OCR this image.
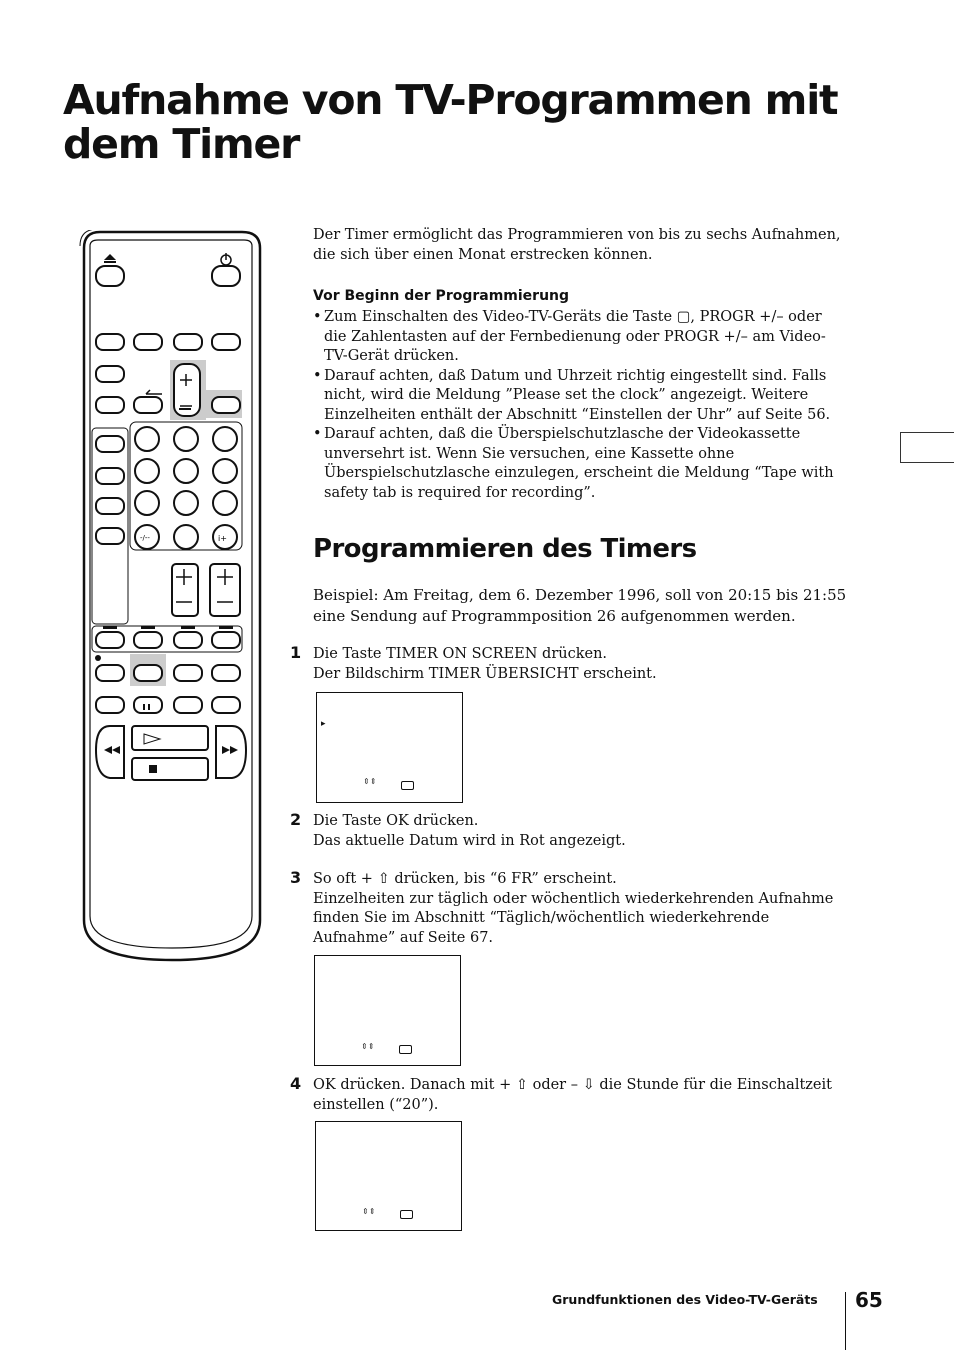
Aufnahme von TV-Programmen mit dem Timer
-/--	i+
Der Timer ermöglicht das Programmieren von bis zu sechs Aufnahmen, die sich über einen Monat erstrecken können.
Vor Beginn der Programmierung
• Zum Einschalten des Video-TV-Geräts die Taste ▢, PROGR +/– oder die Zahlentasten auf der Fernbedienung oder PROGR +/– am Video-TV-Gerät drücken.
• Darauf achten, daß Datum und Uhrzeit richtig eingestellt sind. Falls nicht, wird die Meldung ”Please set the clock” angezeigt. Weitere Einzelheiten enthält der Abschnitt “Einstellen der Uhr” auf Seite 56.
• Darauf achten, daß die Überspielschutzlasche der Videokassette unversehrt ist. Wenn Sie versuchen, eine Kassette ohne Überspielschutzlasche einzulegen, erscheint die Meldung “Tape with safety tab is required for recording”.
Programmieren des Timers
Beispiel: Am Freitag, dem 6. Dezember 1996, soll von 20:15 bis 21:55 eine Sendung auf Programmposition 26 aufgenommen werden.
1 Die Taste TIMER ON SCREEN drücken.
Der Bildschirm TIMER ÜBERSICHT erscheint.
▸
⇕⇕
2 Die Taste OK drücken.
Das aktuelle Datum wird in Rot angezeigt.
3 So oft + ⇧ drücken, bis “6 FR” erscheint.
Einzelheiten zur täglich oder wöchentlich wiederkehrenden Aufnahme finden Sie im Abschnitt “Täglich/wöchentlich wiederkehrende Aufnahme” auf Seite 67.
⇕⇕
4 OK drücken. Danach mit + ⇧ oder – ⇩ die Stunde für die Einschaltzeit einstellen (“20”).
⇕⇕
Grundfunktionen des Video-TV-Geräts 65
